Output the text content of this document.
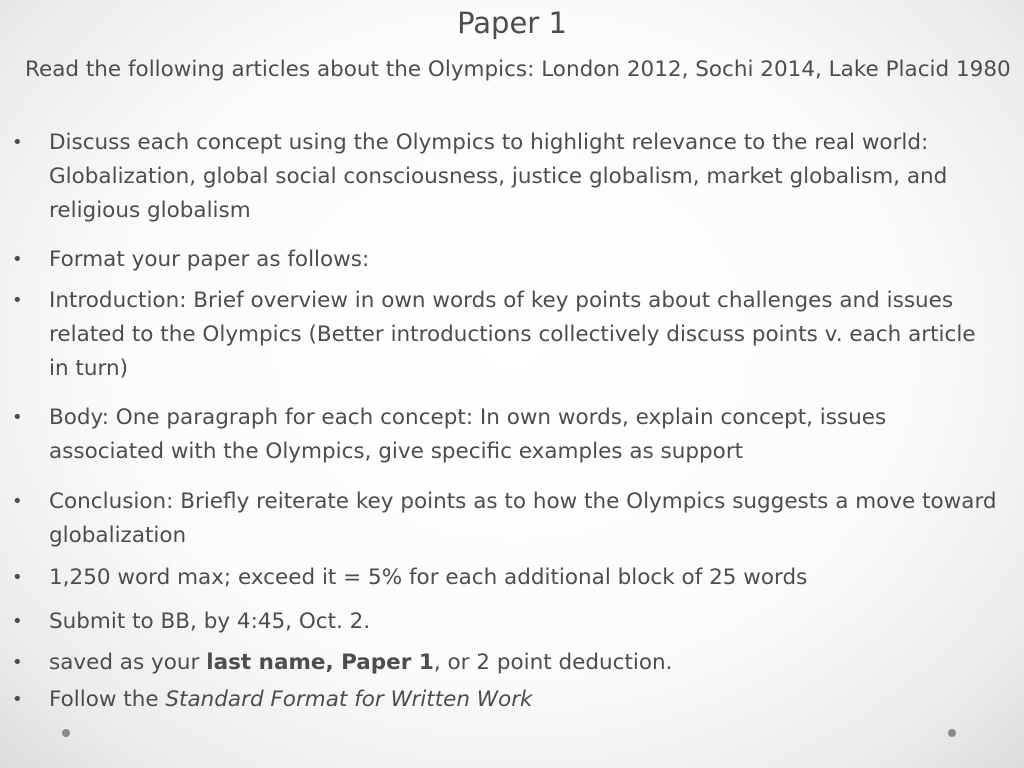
Paper 1
Read the following articles about the Olympics: London 2012, Sochi 2014, Lake Placid 1980
• Discuss each concept using the Olympics to highlight relevance to the real world: Globalization, global social consciousness, justice globalism, market globalism, and religious globalism
• Format your paper as follows:
• Introduction: Brief overview in own words of key points about challenges and issues related to the Olympics (Better introductions collectively discuss points v. each article in turn)
• Body: One paragraph for each concept: In own words, explain concept, issues associated with the Olympics, give specific examples as support
• Conclusion: Briefly reiterate key points as to how the Olympics suggests a move toward globalization
• 1,250 word max; exceed it = 5% for each additional block of 25 words
• Submit to BB, by 4:45, Oct. 2.
• saved as your last name, Paper 1, or 2 point deduction.
• Follow the Standard Format for Written Work
